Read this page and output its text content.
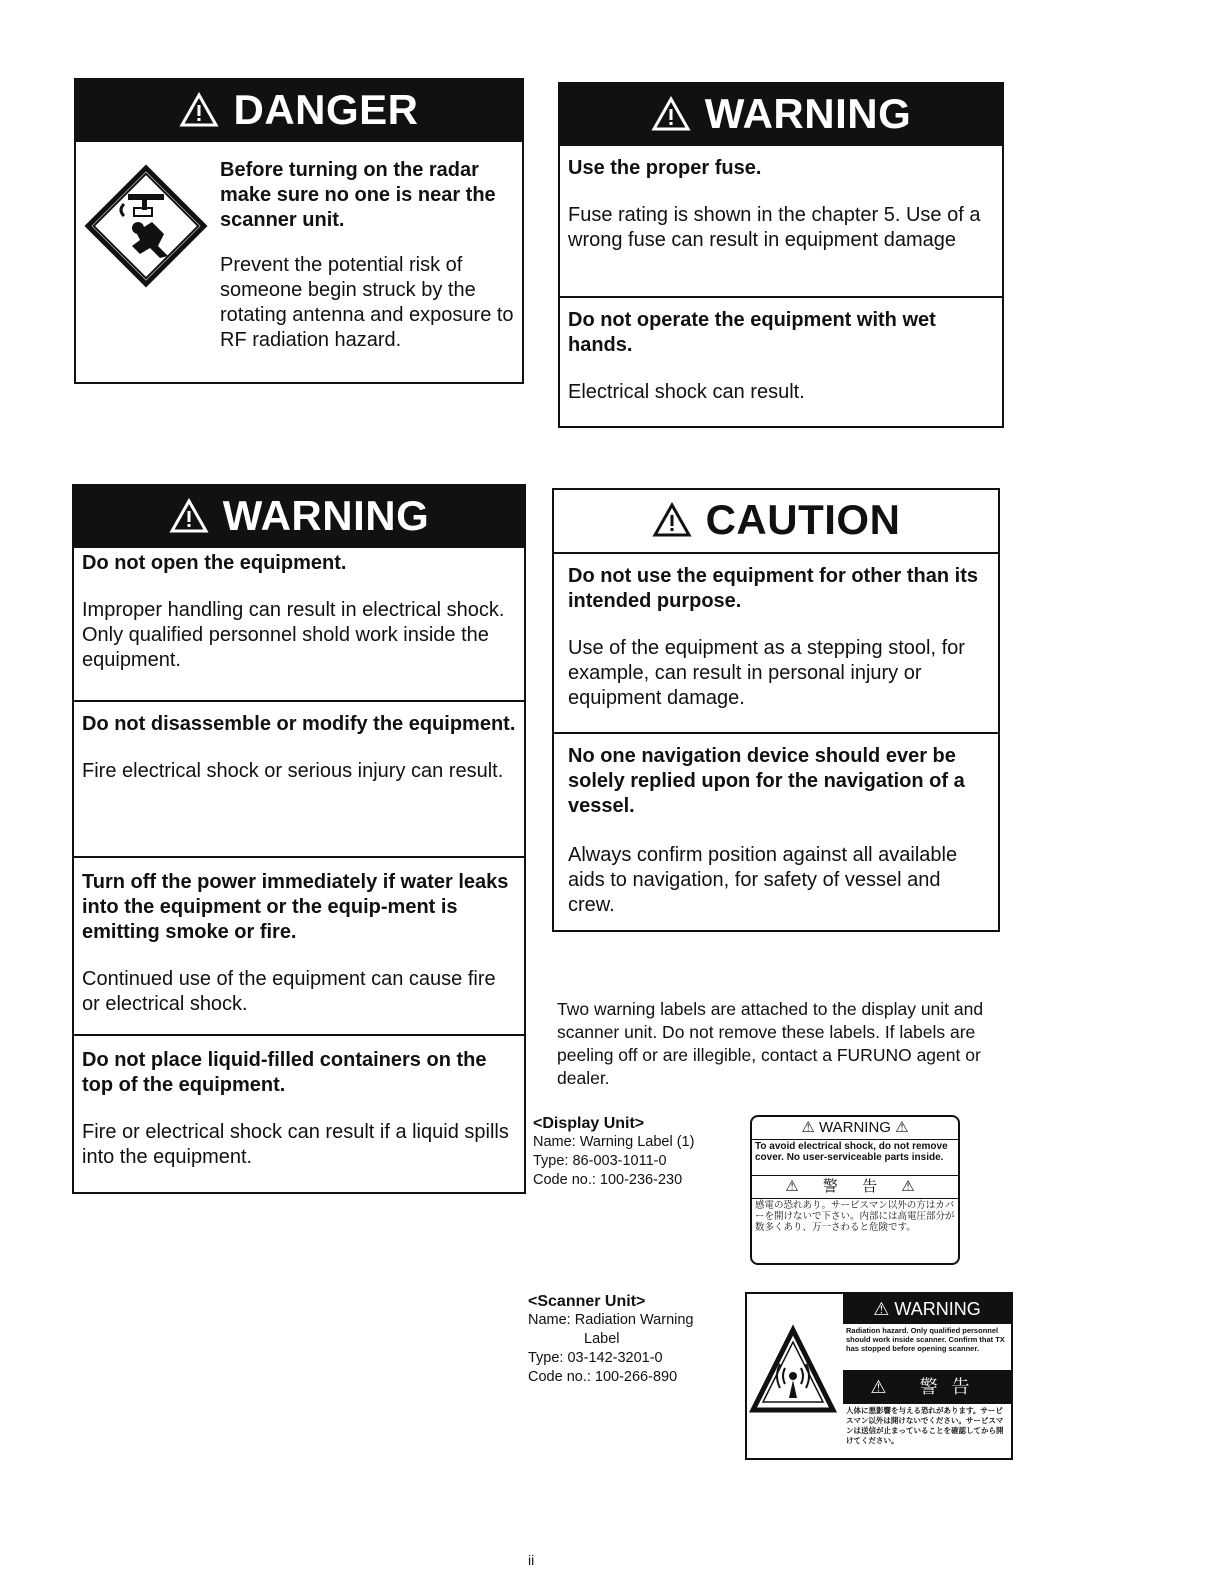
DANGER
Before turning on the radar make sure no one is near the scanner unit.
Prevent the potential risk of someone begin struck by the rotating antenna and exposure to RF radiation hazard.
WARNING
Use the proper fuse.
Fuse rating is shown in the chapter 5. Use of a wrong fuse can result in equipment damage
Do not operate the equipment with wet hands.
Electrical shock can result.
WARNING
Do not open the equipment.
Improper handling can result in electrical shock. Only qualified personnel shold work inside the equipment.
Do not disassemble or modify the equipment.
Fire electrical shock or serious injury can result.
Turn off the power immediately if water leaks into the equipment or the equip-ment is emitting smoke or fire.
Continued use of the equipment can cause fire or electrical shock.
Do not place liquid-filled containers on the top of the equipment.
Fire or electrical shock can result if a liquid spills into the equipment.
CAUTION
Do not use the equipment for other than its intended purpose.
Use of the equipment as a stepping stool, for example, can result in personal injury or equipment damage.
No one navigation device should ever be solely replied upon for the navigation of a vessel.
Always confirm position against all available aids to navigation, for safety of vessel and crew.
Two warning labels are attached to the display unit and scanner unit. Do not remove these labels. If labels are peeling off or are illegible, contact a FURUNO agent or dealer.
<Display Unit>
Name: Warning Label (1)
Type: 86-003-1011-0
Code no.: 100-236-230
⚠ WARNING ⚠
To avoid electrical shock, do not remove cover. No user-serviceable parts inside.
⚠ 警 告 ⚠
感電の恐れあり。サービスマン以外の方はカバーを開けないで下さい。内部には高電圧部分が数多くあり、万一さわると危険です。
<Scanner Unit>
Name: Radiation Warning
Label
Type: 03-142-3201-0
Code no.: 100-266-890
⚠ WARNING
Radiation hazard. Only qualified personnel should work inside scanner. Confirm that TX has stopped before opening scanner.
⚠ 警告
人体に悪影響を与える恐れがあります。サービスマン以外は開けないでください。サービスマンは送信が止まっていることを確認してから開けてください。
ii
